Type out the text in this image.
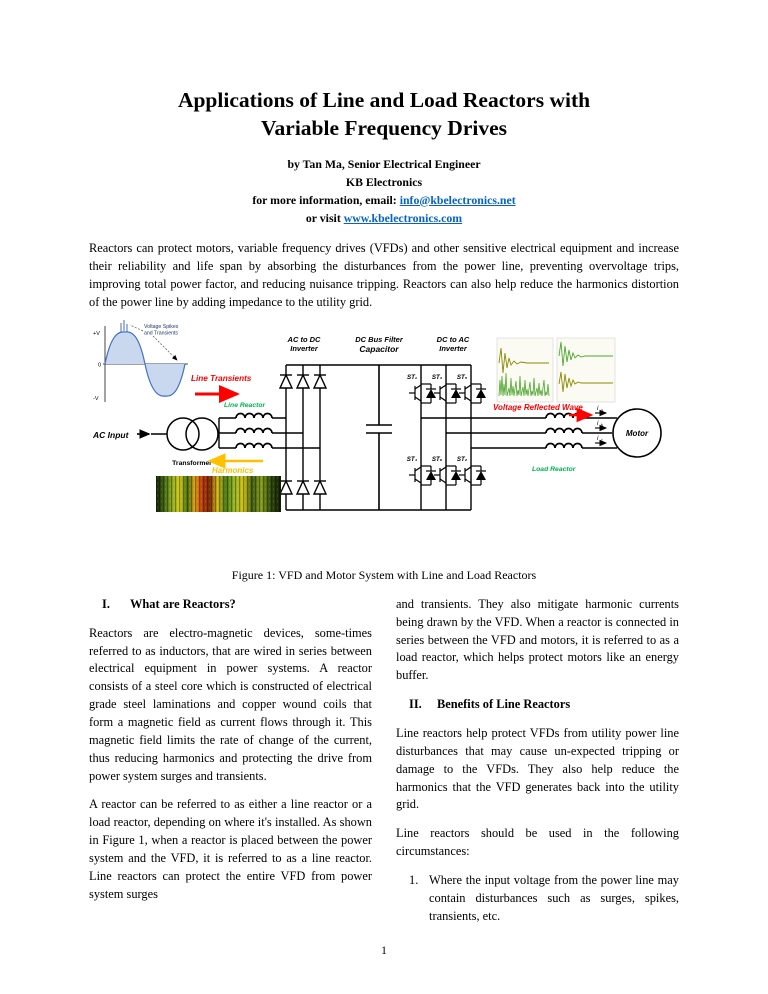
Applications of Line and Load Reactors with
Variable Frequency Drives
by Tan Ma, Senior Electrical Engineer
KB Electronics
for more information, email: info@kbelectronics.net
or visit www.kbelectronics.com

Reactors can protect motors, variable frequency drives (VFDs) and other sensitive electrical equipment and increase their reliability and life span by absorbing the disturbances from the power line, preventing overvoltage trips, improving total power factor, and reducing nuisance tripping. Reactors can also help reduce the harmonics distortion of the power line by adding impedance to the utility grid.

Voltage Spikes
and Transients
+V
0
-V
AC to DC
Inverter
DC Bus Filter
Capacitor
DC to AC
Inverter
ST₁ ST₃ ST₅
ST₄ ST₆ ST₂
Transformer
AC Input
Line Transients
Line Reactor
Harmonics	Load Reactor
Voltage Reflected Wave i a
i b
i c
Motor
Figure 1: VFD and Motor System with Line and Load Reactors
I.	What are Reactors?

Reactors are electro-magnetic devices, some-times referred to as inductors, that are wired in series between electrical equipment in power systems. A reactor consists of a steel core which is constructed of electrical grade steel laminations and copper wound coils that form a magnetic field as current flows through it. This magnetic field limits the rate of change of the current, thus reducing harmonics and protecting the drive from power system surges and transients.

A reactor can be referred to as either a line reactor or a load reactor, depending on where it's installed. As shown in Figure 1, when a reactor is placed between the power system and the VFD, it is referred to as a line reactor. Line reactors can protect the entire VFD from power system surges

and transients. They also mitigate harmonic currents being drawn by the VFD. When a reactor is connected in series between the VFD and motors, it is referred to as a load reactor, which helps protect motors like an energy buffer.

II.	Benefits of Line Reactors

Line reactors help protect VFDs from utility power line disturbances that may cause un-expected tripping or damage to the VFDs. They also help reduce the harmonics that the VFD generates back into the utility grid.

Line reactors should be used in the following circumstances:

1. Where the input voltage from the power line may contain disturbances such as surges, spikes, transients, etc.
1
